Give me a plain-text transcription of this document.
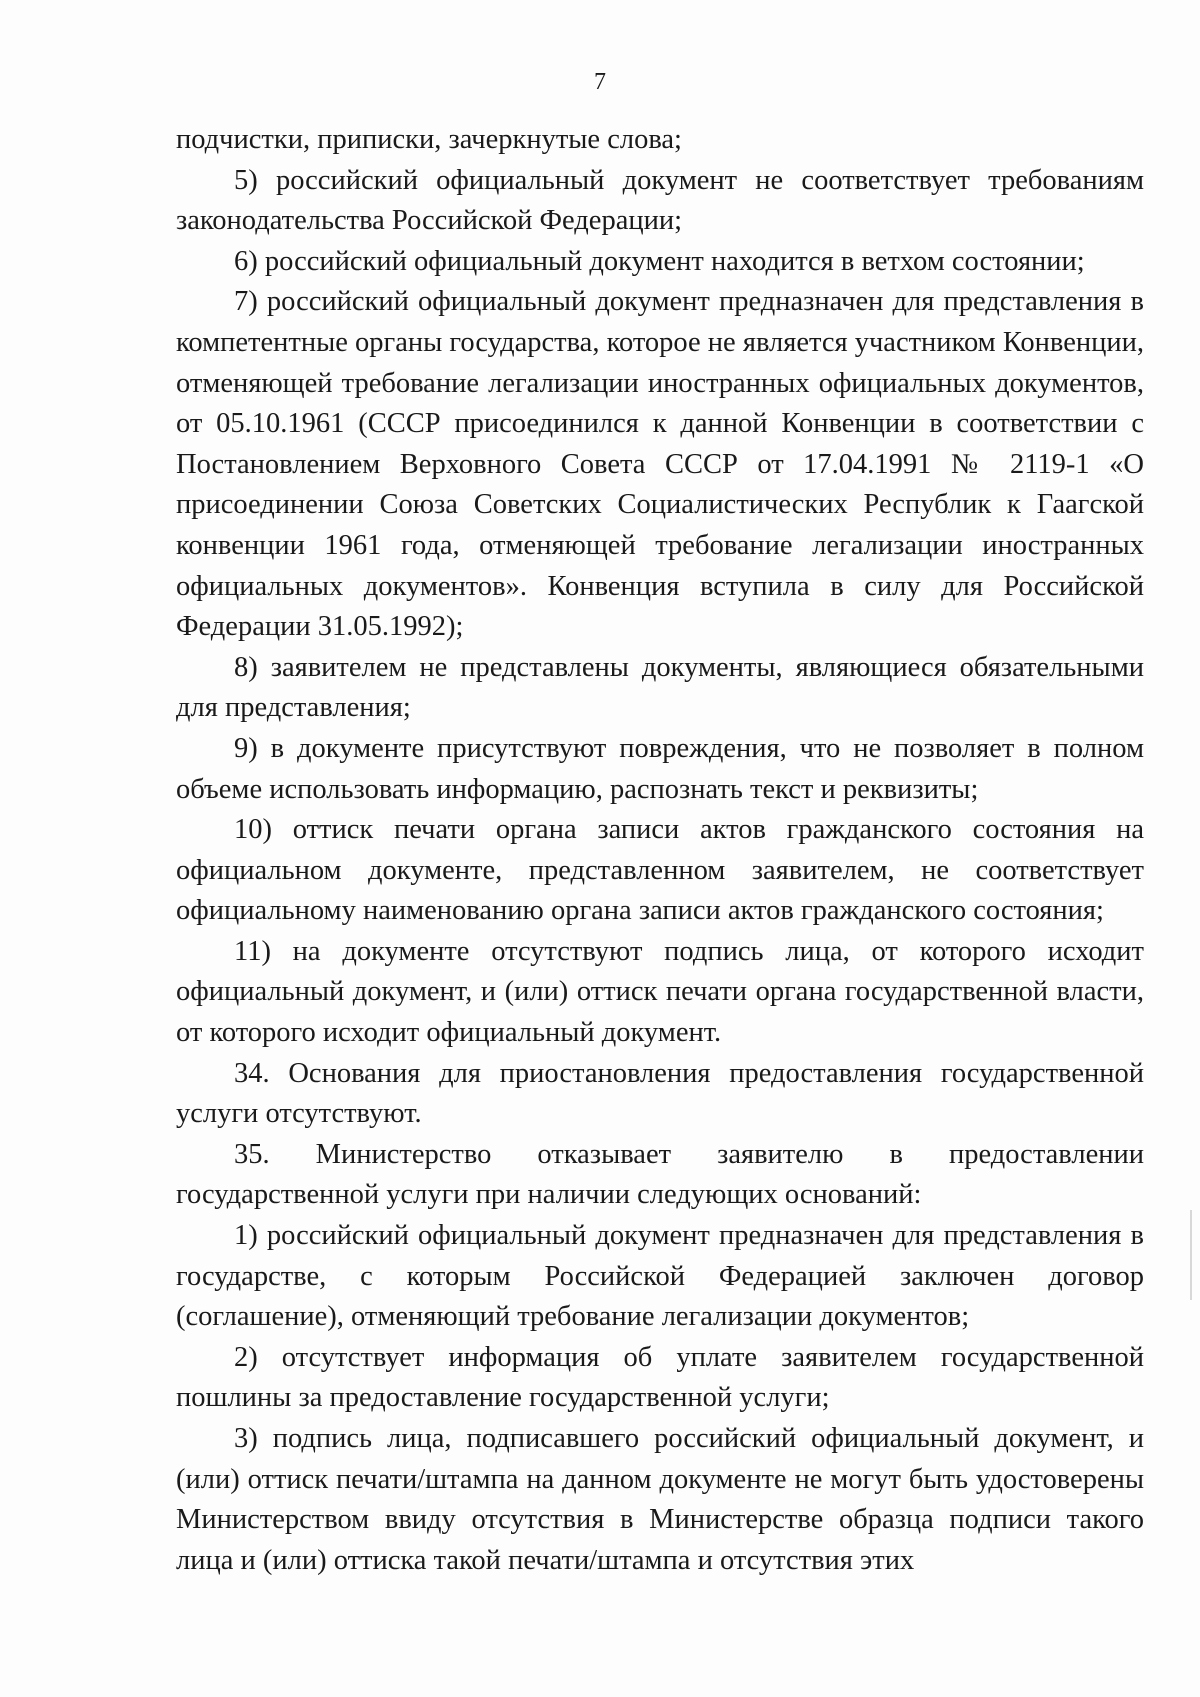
7

подчистки, приписки, зачеркнутые слова;

5) российский официальный документ не соответствует требованиям законодательства Российской Федерации;

6) российский официальный документ находится в ветхом состоянии;

7) российский официальный документ предназначен для представления в компетентные органы государства, которое не является участником Конвенции, отменяющей требование легализации иностранных официальных документов, от 05.10.1961 (СССР присоединился к данной Конвенции в соответствии с Постановлением Верховного Совета СССР от 17.04.1991 № 2119-1 «О присоединении Союза Советских Социалистических Республик к Гаагской конвенции 1961 года, отменяющей требование легализации иностранных официальных документов». Конвенция вступила в силу для Российской Федерации 31.05.1992);

8) заявителем не представлены документы, являющиеся обязательными для представления;

9) в документе присутствуют повреждения, что не позволяет в полном объеме использовать информацию, распознать текст и реквизиты;

10) оттиск печати органа записи актов гражданского состояния на официальном документе, представленном заявителем, не соответствует официальному наименованию органа записи актов гражданского состояния;

11) на документе отсутствуют подпись лица, от которого исходит официальный документ, и (или) оттиск печати органа государственной власти, от которого исходит официальный документ.

34. Основания для приостановления предоставления государственной услуги отсутствуют.

35. Министерство отказывает заявителю в предоставлении государственной услуги при наличии следующих оснований:

1) российский официальный документ предназначен для представления в государстве, с которым Российской Федерацией заключен договор (соглашение), отменяющий требование легализации документов;

2) отсутствует информация об уплате заявителем государственной пошлины за предоставление государственной услуги;

3) подпись лица, подписавшего российский официальный документ, и (или) оттиск печати/штампа на данном документе не могут быть удостоверены Министерством ввиду отсутствия в Министерстве образца подписи такого лица и (или) оттиска такой печати/штампа и отсутствия этих
